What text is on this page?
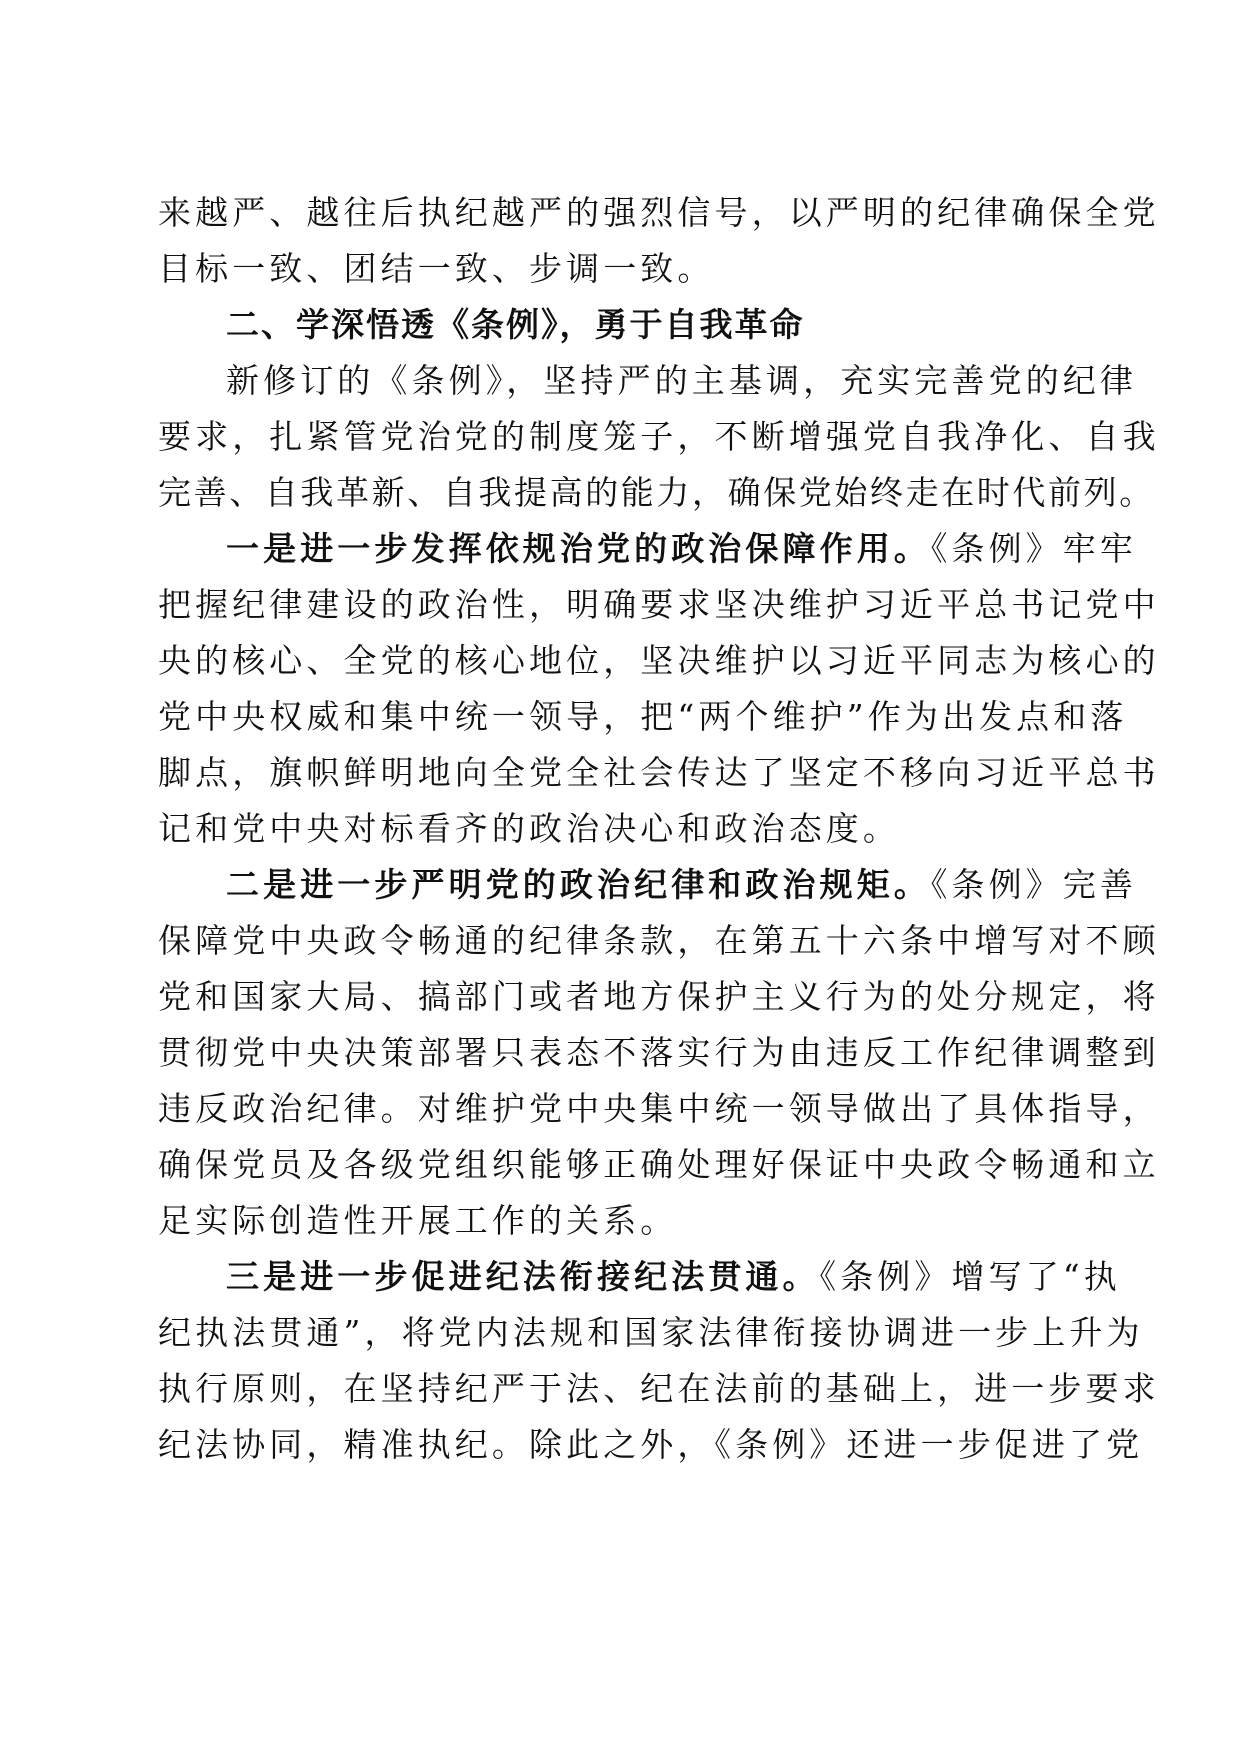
来越严、越往后执纪越严的强烈信号，以严明的纪律确保全党
目标一致、团结一致、步调一致。
二、学深悟透《条例》，勇于自我革命
新修订的《条例》，坚持严的主基调，充实完善党的纪律
要求，扎紧管党治党的制度笼子，不断增强党自我净化、自我
完善、自我革新、自我提高的能力，确保党始终走在时代前列。
一是进一步发挥依规治党的政治保障作用。《条例》牢牢
把握纪律建设的政治性，明确要求坚决维护习近平总书记党中
央的核心、全党的核心地位，坚决维护以习近平同志为核心的
党中央权威和集中统一领导，把“两个维护”作为出发点和落
脚点，旗帜鲜明地向全党全社会传达了坚定不移向习近平总书
记和党中央对标看齐的政治决心和政治态度。
二是进一步严明党的政治纪律和政治规矩。《条例》完善
保障党中央政令畅通的纪律条款，在第五十六条中增写对不顾
党和国家大局、搞部门或者地方保护主义行为的处分规定，将
贯彻党中央决策部署只表态不落实行为由违反工作纪律调整到
违反政治纪律。对维护党中央集中统一领导做出了具体指导，
确保党员及各级党组织能够正确处理好保证中央政令畅通和立
足实际创造性开展工作的关系。
三是进一步促进纪法衔接纪法贯通。《条例》增写了“执
纪执法贯通”，将党内法规和国家法律衔接协调进一步上升为
执行原则，在坚持纪严于法、纪在法前的基础上，进一步要求
纪法协同，精准执纪。除此之外，《条例》还进一步促进了党
